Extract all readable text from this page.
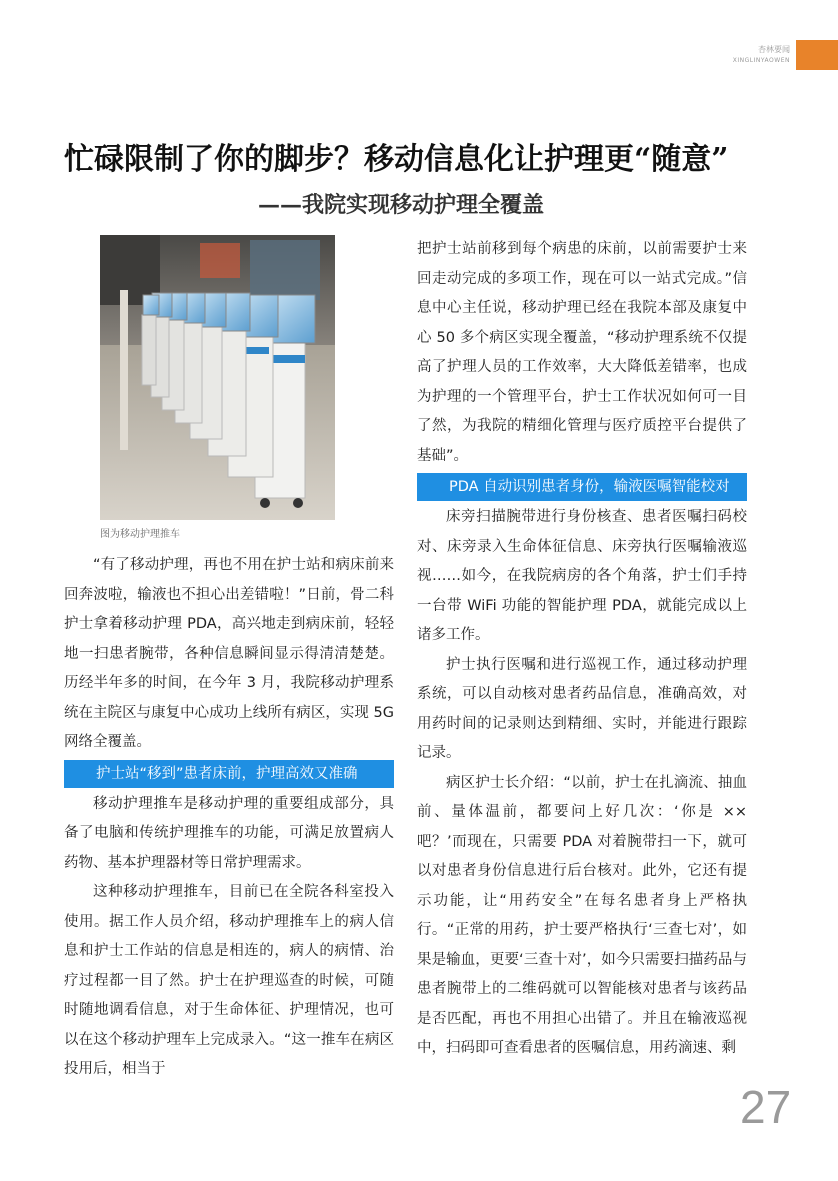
杏林要闻
XINGLINYAOWEN
忙碌限制了你的脚步？移动信息化让护理更“随意”
——我院实现移动护理全覆盖
图为移动护理推车

“有了移动护理，再也不用在护士站和病床前来回奔波啦，输液也不担心出差错啦！”日前，骨二科护士拿着移动护理 PDA，高兴地走到病床前，轻轻地一扫患者腕带，各种信息瞬间显示得清清楚楚。历经半年多的时间，在今年 3 月，我院移动护理系统在主院区与康复中心成功上线所有病区，实现 5G 网络全覆盖。

护士站“移到”患者床前，护理高效又准确

移动护理推车是移动护理的重要组成部分，具备了电脑和传统护理推车的功能，可满足放置病人药物、基本护理器材等日常护理需求。

这种移动护理推车，目前已在全院各科室投入使用。据工作人员介绍，移动护理推车上的病人信息和护士工作站的信息是相连的，病人的病情、治疗过程都一目了然。护士在护理巡查的时候，可随时随地调看信息，对于生命体征、护理情况，也可以在这个移动护理车上完成录入。“这一推车在病区投用后，相当于

把护士站前移到每个病患的床前，以前需要护士来回走动完成的多项工作，现在可以一站式完成。”信息中心主任说，移动护理已经在我院本部及康复中心 50 多个病区实现全覆盖，“移动护理系统不仅提高了护理人员的工作效率，大大降低差错率，也成为护理的一个管理平台，护士工作状况如何可一目了然，为我院的精细化管理与医疗质控平台提供了基础”。

PDA 自动识别患者身份，输液医嘱智能校对

床旁扫描腕带进行身份核查、患者医嘱扫码校对、床旁录入生命体征信息、床旁执行医嘱输液巡视……如今，在我院病房的各个角落，护士们手持一台带 WiFi 功能的智能护理 PDA，就能完成以上诸多工作。

护士执行医嘱和进行巡视工作，通过移动护理系统，可以自动核对患者药品信息，准确高效，对用药时间的记录则达到精细、实时，并能进行跟踪记录。

病区护士长介绍：“以前，护士在扎滴流、抽血前、量体温前，都要问上好几次：‘你是 ×× 吧？’而现在，只需要 PDA 对着腕带扫一下，就可以对患者身份信息进行后台核对。此外，它还有提示功能，让“用药安全”在每名患者身上严格执行。“正常的用药，护士要严格执行‘三查七对’，如果是输血，更要‘三查十对’，如今只需要扫描药品与患者腕带上的二维码就可以智能核对患者与该药品是否匹配，再也不用担心出错了。并且在输液巡视中，扫码即可查看患者的医嘱信息，用药滴速、剩

27
